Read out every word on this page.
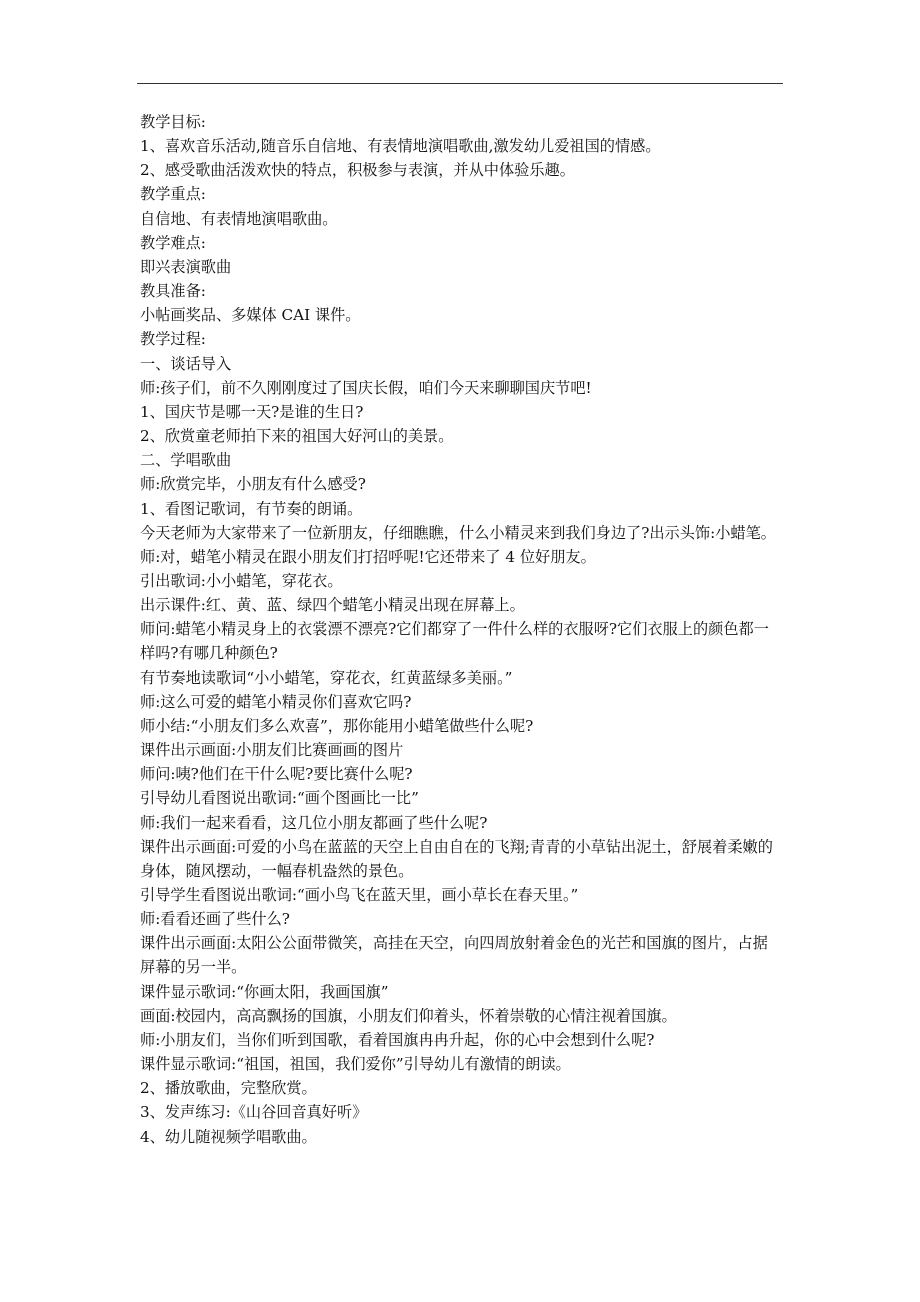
教学目标:

1、喜欢音乐活动,随音乐自信地、有表情地演唱歌曲,激发幼儿爱祖国的情感。

2、感受歌曲活泼欢快的特点，积极参与表演，并从中体验乐趣。

教学重点:

自信地、有表情地演唱歌曲。

教学难点:

即兴表演歌曲

教具准备:

小帖画奖品、多媒体 CAI 课件。

教学过程:

一、谈话导入

师:孩子们，前不久刚刚度过了国庆长假，咱们今天来聊聊国庆节吧!

1、国庆节是哪一天?是谁的生日?

2、欣赏童老师拍下来的祖国大好河山的美景。

二、学唱歌曲

师:欣赏完毕，小朋友有什么感受?

1、看图记歌词，有节奏的朗诵。

今天老师为大家带来了一位新朋友，仔细瞧瞧，什么小精灵来到我们身边了?出示头饰:小蜡笔。

师:对，蜡笔小精灵在跟小朋友们打招呼呢!它还带来了 4 位好朋友。

引出歌词:小小蜡笔，穿花衣。

出示课件:红、黄、蓝、绿四个蜡笔小精灵出现在屏幕上。

师问:蜡笔小精灵身上的衣裳漂不漂亮?它们都穿了一件什么样的衣服呀?它们衣服上的颜色都一样吗?有哪几种颜色?

有节奏地读歌词“小小蜡笔，穿花衣，红黄蓝绿多美丽。”

师:这么可爱的蜡笔小精灵你们喜欢它吗?

师小结:“小朋友们多么欢喜”，那你能用小蜡笔做些什么呢?

课件出示画面:小朋友们比赛画画的图片

师问:咦?他们在干什么呢?要比赛什么呢?

引导幼儿看图说出歌词:“画个图画比一比”

师:我们一起来看看，这几位小朋友都画了些什么呢?

课件出示画面:可爱的小鸟在蓝蓝的天空上自由自在的飞翔;青青的小草钻出泥土，舒展着柔嫩的身体，随风摆动，一幅春机盎然的景色。

引导学生看图说出歌词:“画小鸟飞在蓝天里，画小草长在春天里。”

师:看看还画了些什么?

课件出示画面:太阳公公面带微笑，高挂在天空，向四周放射着金色的光芒和国旗的图片，占据屏幕的另一半。

课件显示歌词:“你画太阳，我画国旗”

画面:校园内，高高飘扬的国旗，小朋友们仰着头，怀着崇敬的心情注视着国旗。

师:小朋友们，当你们听到国歌，看着国旗冉冉升起，你的心中会想到什么呢?

课件显示歌词:“祖国，祖国，我们爱你”引导幼儿有激情的朗读。

2、播放歌曲，完整欣赏。

3、发声练习:《山谷回音真好听》

4、幼儿随视频学唱歌曲。
